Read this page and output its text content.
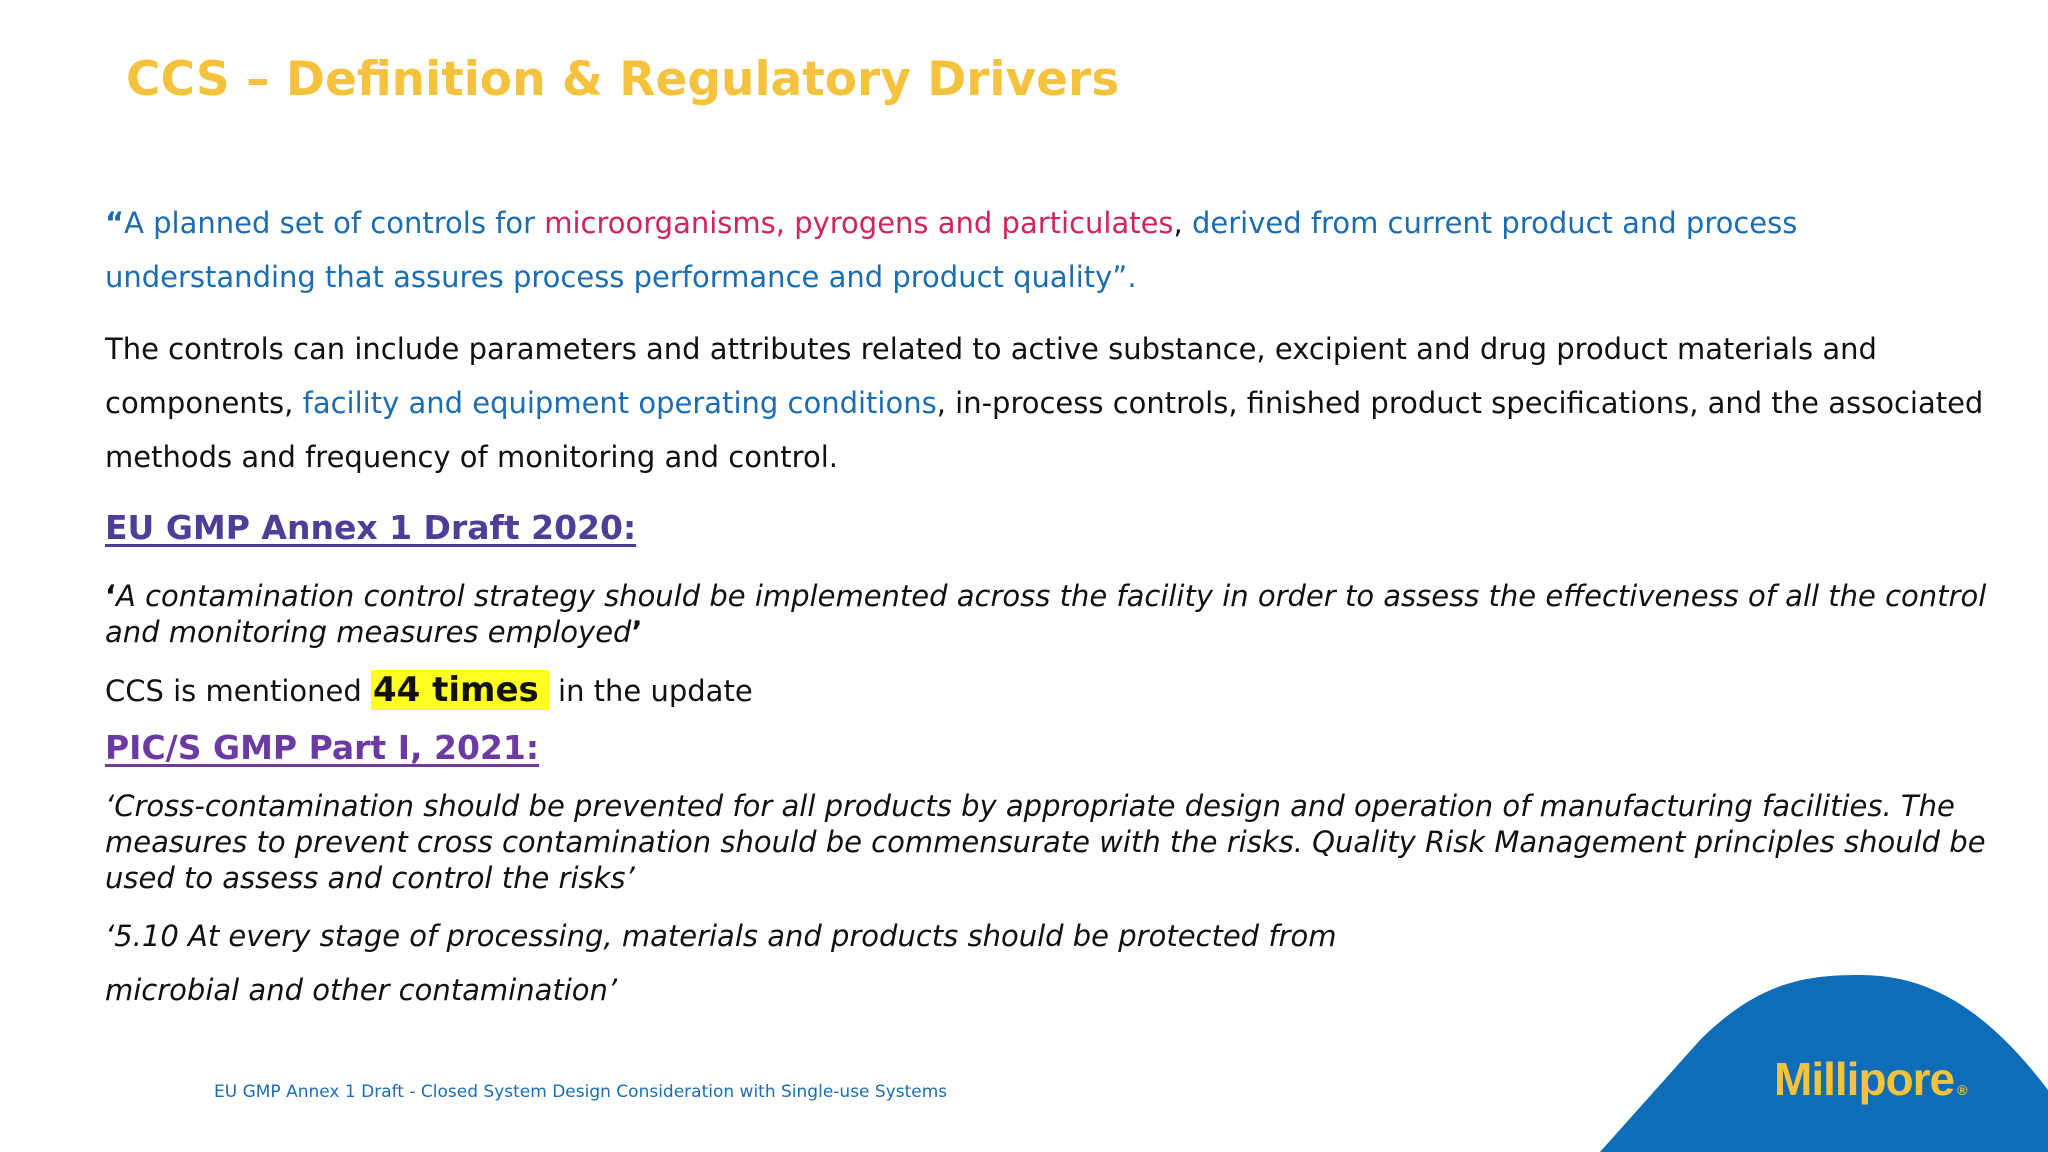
CCS – Definition & Regulatory Drivers

“A planned set of controls for microorganisms, pyrogens and particulates, derived from current product and process understanding that assures process performance and product quality”.

The controls can include parameters and attributes related to active substance, excipient and drug product materials and components, facility and equipment operating conditions, in-process controls, finished product specifications, and the associated methods and frequency of monitoring and control.

EU GMP Annex 1 Draft 2020:

‘A contamination control strategy should be implemented across the facility in order to assess the effectiveness of all the control and monitoring measures employed’

CCS is mentioned 44 times in the update

PIC/S GMP Part I, 2021:

‘Cross-contamination should be prevented for all products by appropriate design and operation of manufacturing facilities. The measures to prevent cross contamination should be commensurate with the risks. Quality Risk Management principles should be used to assess and control the risks’

‘5.10 At every stage of processing, materials and products should be protected from

microbial and other contamination’

EU GMP Annex 1 Draft - Closed System Design Consideration with Single-use Systems	Millipore ®
